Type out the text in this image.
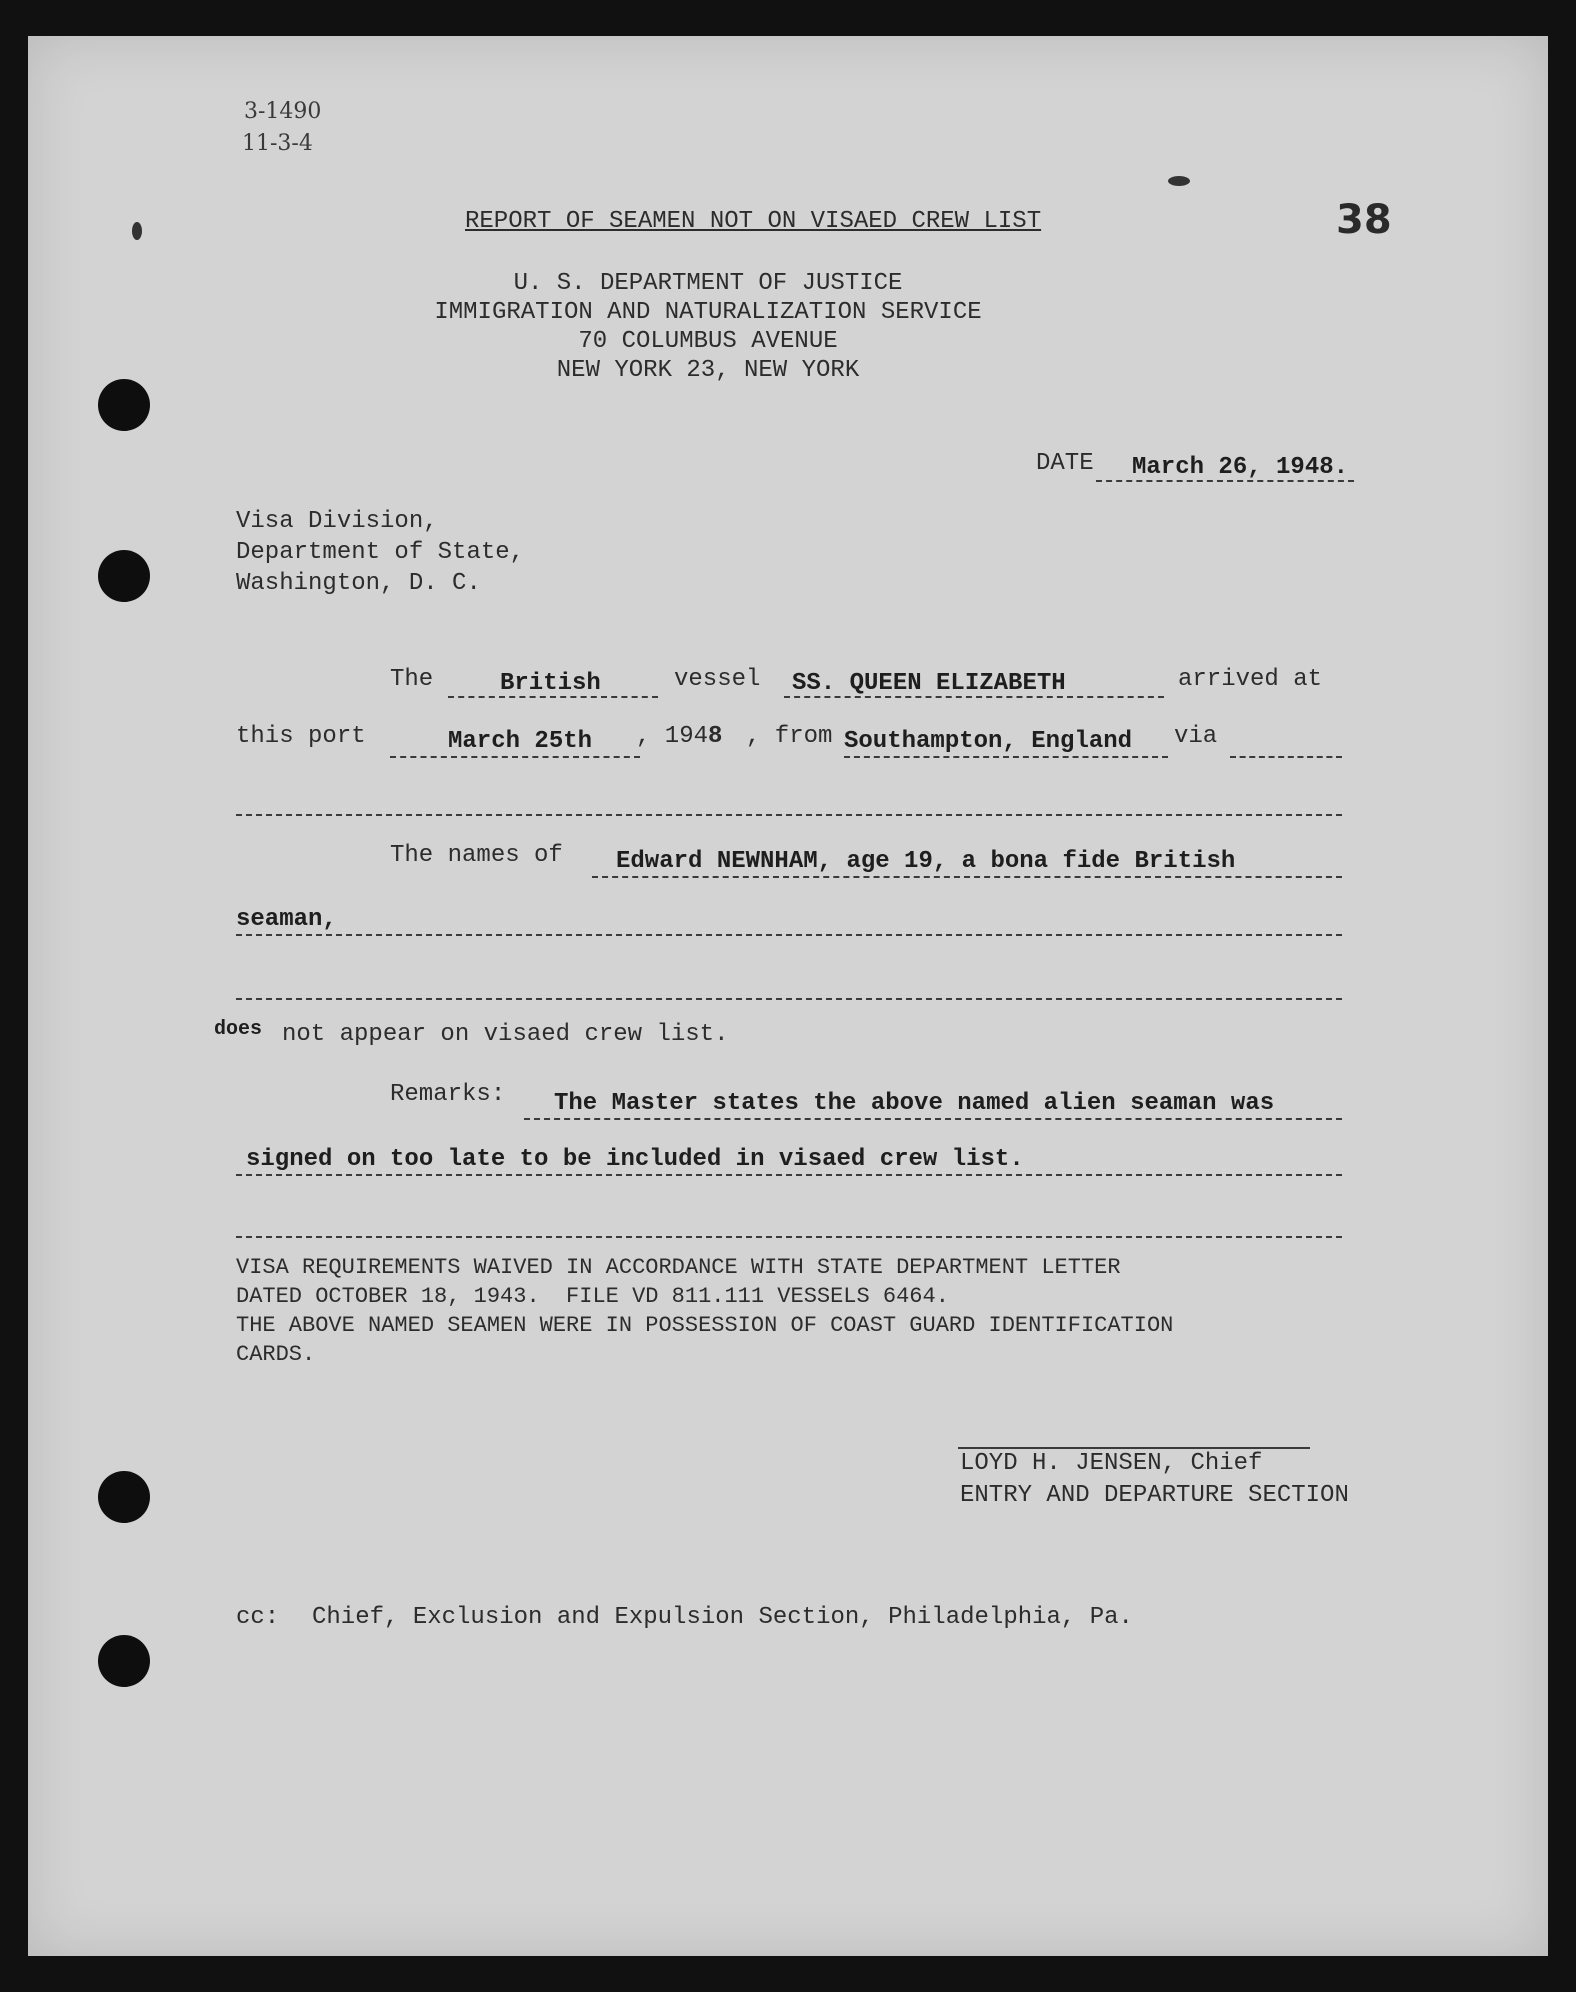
3-1490
11-3-4
38
REPORT OF SEAMEN NOT ON VISAED CREW LIST
U. S. DEPARTMENT OF JUSTICE
IMMIGRATION AND NATURALIZATION SERVICE
70 COLUMBUS AVENUE
NEW YORK 23, NEW YORK
DATE March 26, 1948.
Visa Division,
Department of State,
Washington, D. C.
The	British	vessel SS. QUEEN ELIZABETH	arrived at
this port	March 25th , 1948 , from Southampton, England via
The names of Edward NEWNHAM, age 19, a bona fide British
seaman,
does not appear on visaed crew list.
Remarks: The Master states the above named alien seaman was
signed on too late to be included in visaed crew list.
VISA REQUIREMENTS WAIVED IN ACCORDANCE WITH STATE DEPARTMENT LETTER
DATED OCTOBER 18, 1943.  FILE VD 811.111 VESSELS 6464.
THE ABOVE NAMED SEAMEN WERE IN POSSESSION OF COAST GUARD IDENTIFICATION
CARDS.
LOYD H. JENSEN, Chief
ENTRY AND DEPARTURE SECTION
cc: Chief, Exclusion and Expulsion Section, Philadelphia, Pa.
